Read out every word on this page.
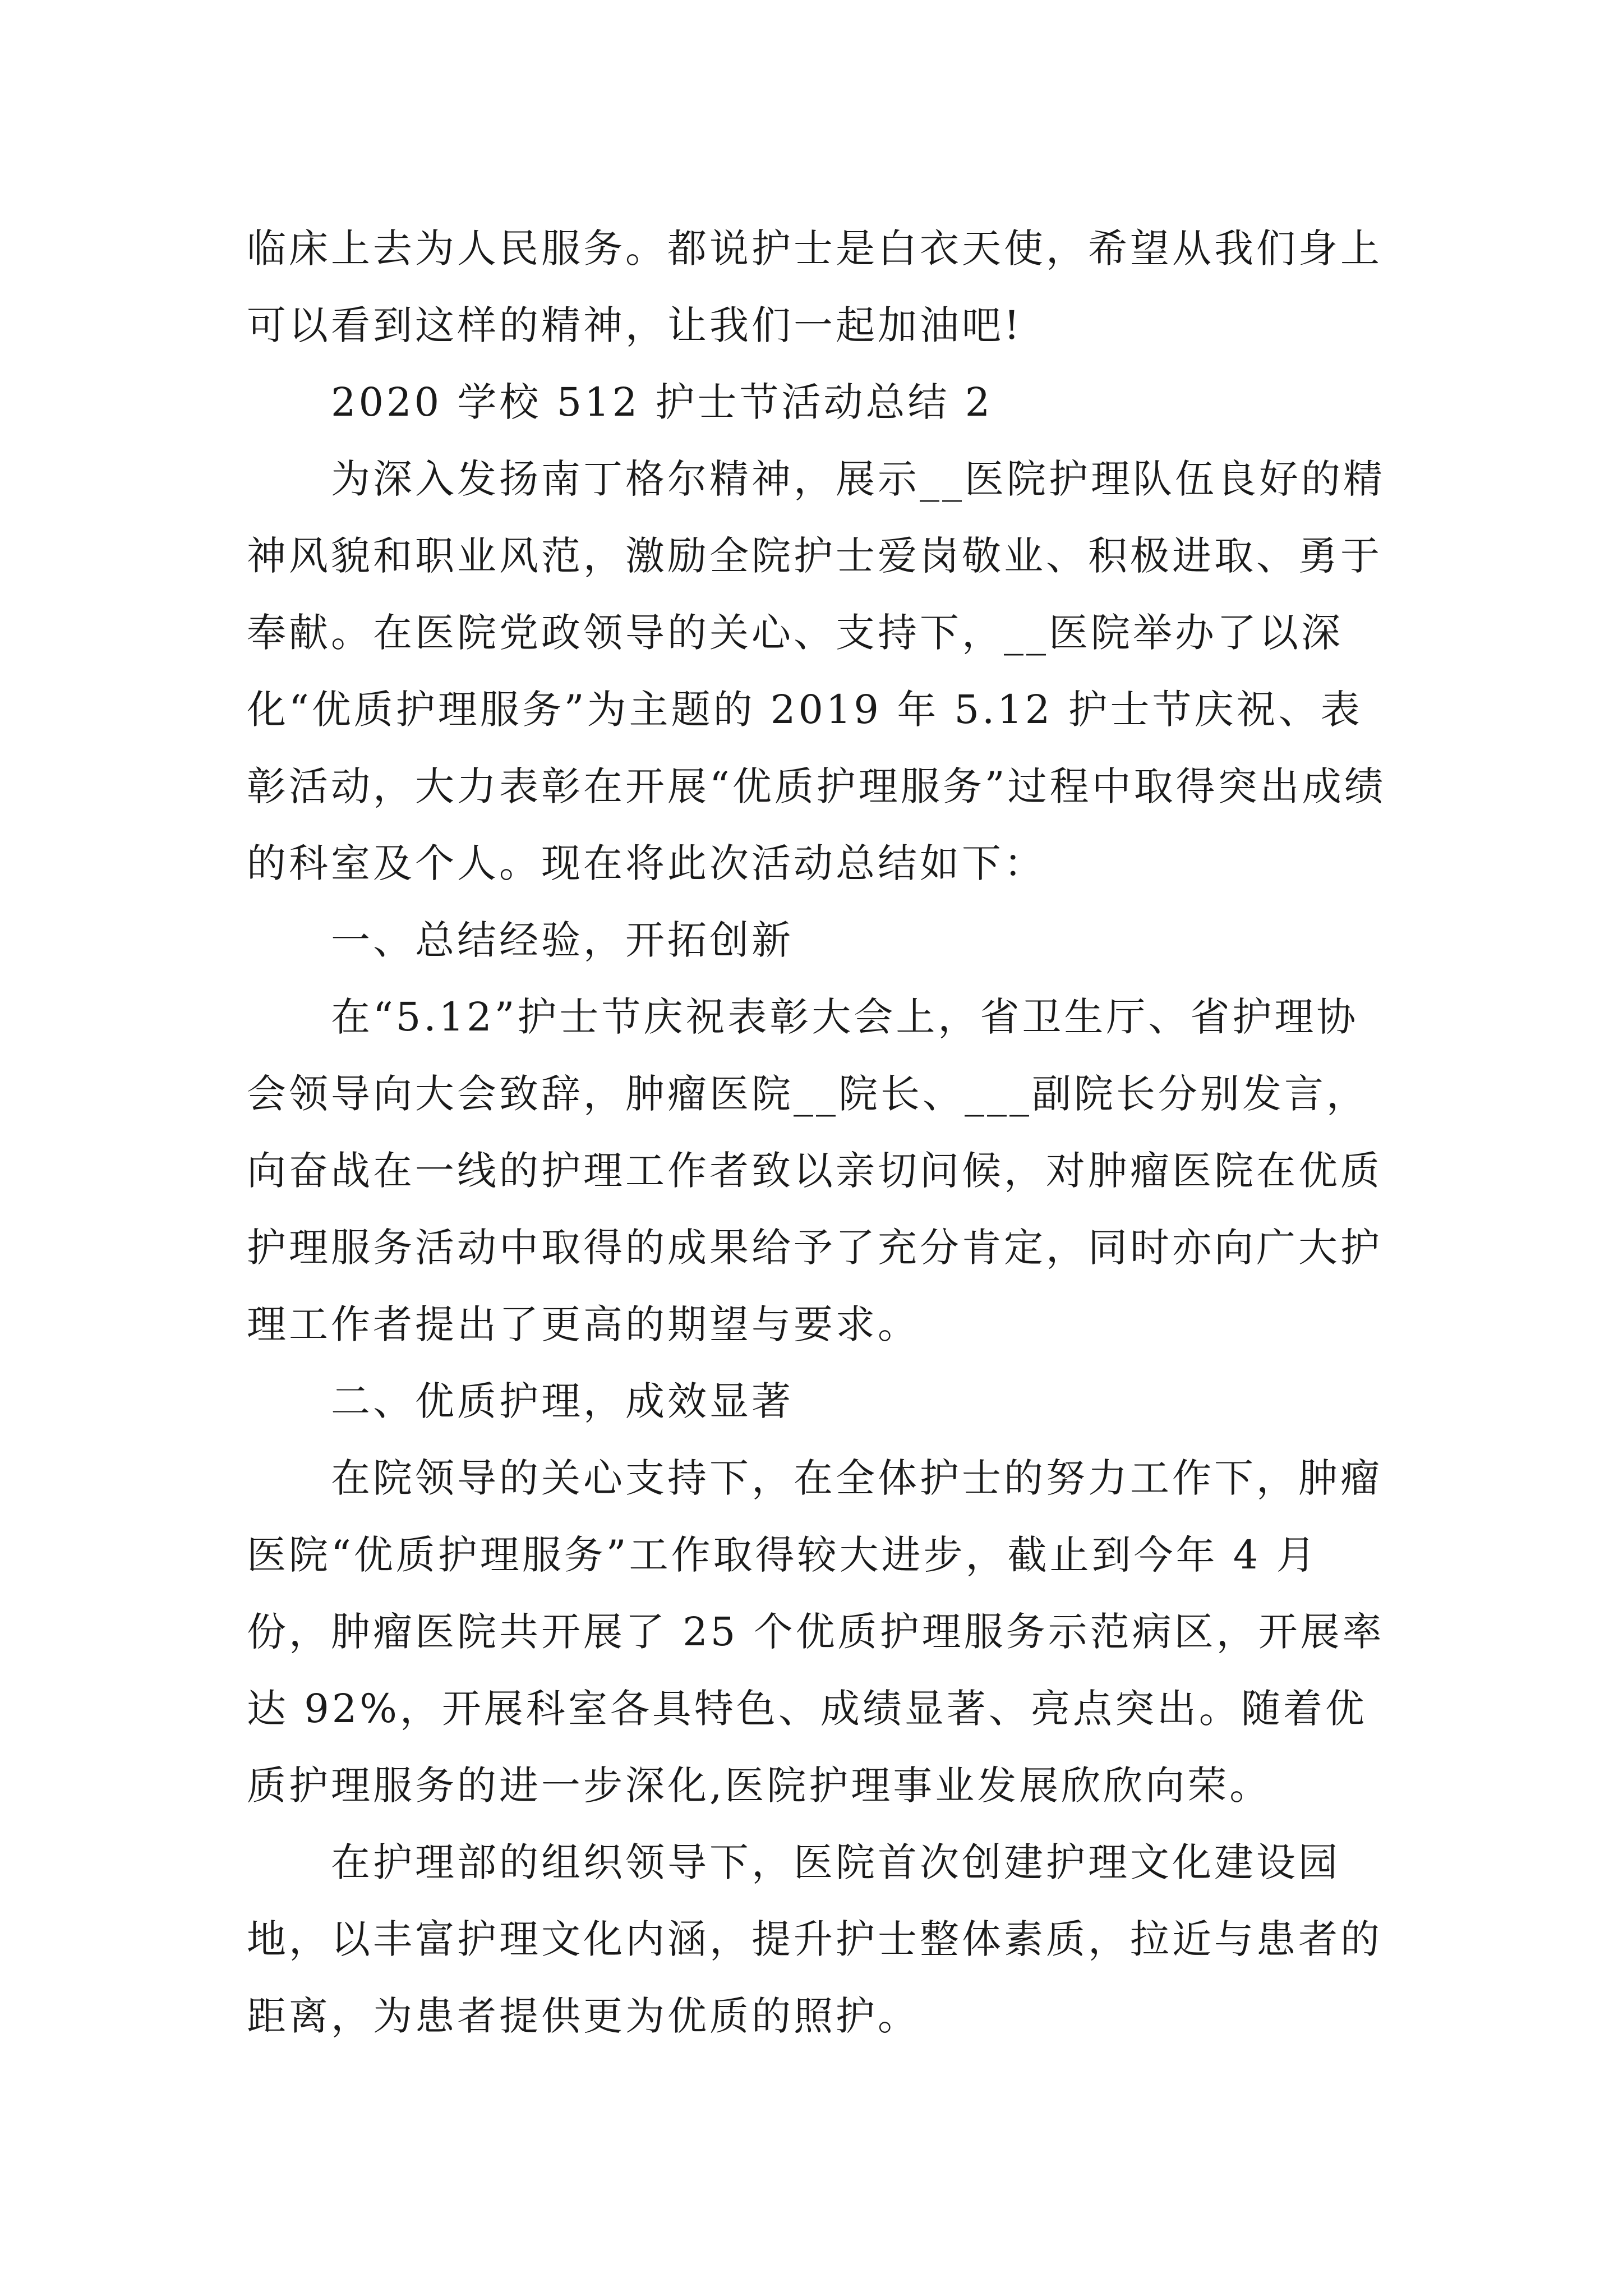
临床上去为人民服务。都说护士是白衣天使，希望从我们身上可以看到这样的精神，让我们一起加油吧!

2020 学校 512 护士节活动总结 2

为深入发扬南丁格尔精神，展示__医院护理队伍良好的精神风貌和职业风范，激励全院护士爱岗敬业、积极进取、勇于奉献。在医院党政领导的关心、支持下，__医院举办了以深化“优质护理服务”为主题的 2019 年 5.12 护士节庆祝、表彰活动，大力表彰在开展“优质护理服务”过程中取得突出成绩的科室及个人。现在将此次活动总结如下：

一、总结经验，开拓创新

在“5.12”护士节庆祝表彰大会上，省卫生厅、省护理协会领导向大会致辞，肿瘤医院__院长、___副院长分别发言，向奋战在一线的护理工作者致以亲切问候，对肿瘤医院在优质护理服务活动中取得的成果给予了充分肯定，同时亦向广大护理工作者提出了更高的期望与要求。

二、优质护理，成效显著

在院领导的关心支持下，在全体护士的努力工作下，肿瘤医院“优质护理服务”工作取得较大进步，截止到今年 4 月份，肿瘤医院共开展了 25 个优质护理服务示范病区，开展率达 92%，开展科室各具特色、成绩显著、亮点突出。随着优质护理服务的进一步深化,医院护理事业发展欣欣向荣。

在护理部的组织领导下，医院首次创建护理文化建设园地，以丰富护理文化内涵，提升护士整体素质，拉近与患者的距离，为患者提供更为优质的照护。
